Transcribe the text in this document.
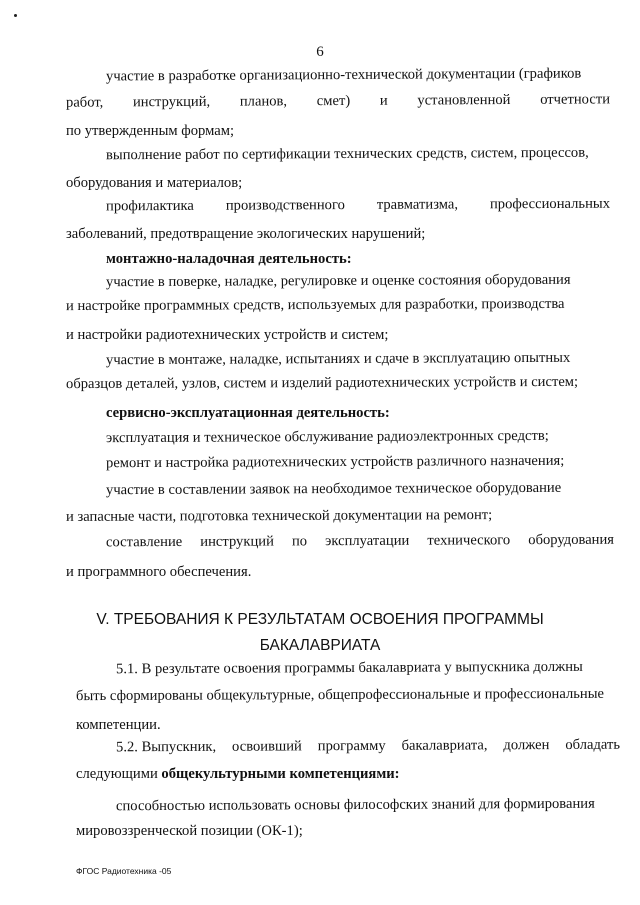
6
участие в разработке организационно-технической документации (графиков
работ, инструкций, планов, смет) и установленной отчетности
по утвержденным формам;
выполнение работ по сертификации технических средств, систем, процессов,
оборудования и материалов;
профилактика производственного травматизма, профессиональных
заболеваний, предотвращение экологических нарушений;
монтажно-наладочная деятельность:
участие в поверке, наладке, регулировке и оценке состояния оборудования
и настройке программных средств, используемых для разработки, производства
и настройки радиотехнических устройств и систем;
участие в монтаже, наладке, испытаниях и сдаче в эксплуатацию опытных
образцов деталей, узлов, систем и изделий радиотехнических устройств и систем;
сервисно-эксплуатационная деятельность:
эксплуатация и техническое обслуживание радиоэлектронных средств;
ремонт и настройка радиотехнических устройств различного назначения;
участие в составлении заявок на необходимое техническое оборудование
и запасные части, подготовка технической документации на ремонт;
составление инструкций по эксплуатации технического оборудования
и программного обеспечения.
V. ТРЕБОВАНИЯ К РЕЗУЛЬТАТАМ ОСВОЕНИЯ ПРОГРАММЫ
БАКАЛАВРИАТА
5.1. В результате освоения программы бакалавриата у выпускника должны
быть сформированы общекультурные, общепрофессиональные и профессиональные
компетенции.
5.2. Выпускник, освоивший программу бакалавриата, должен обладать
следующими общекультурными компетенциями:
способностью использовать основы философских знаний для формирования
мировоззренческой позиции (ОК-1);
ФГОС Радиотехника -05
